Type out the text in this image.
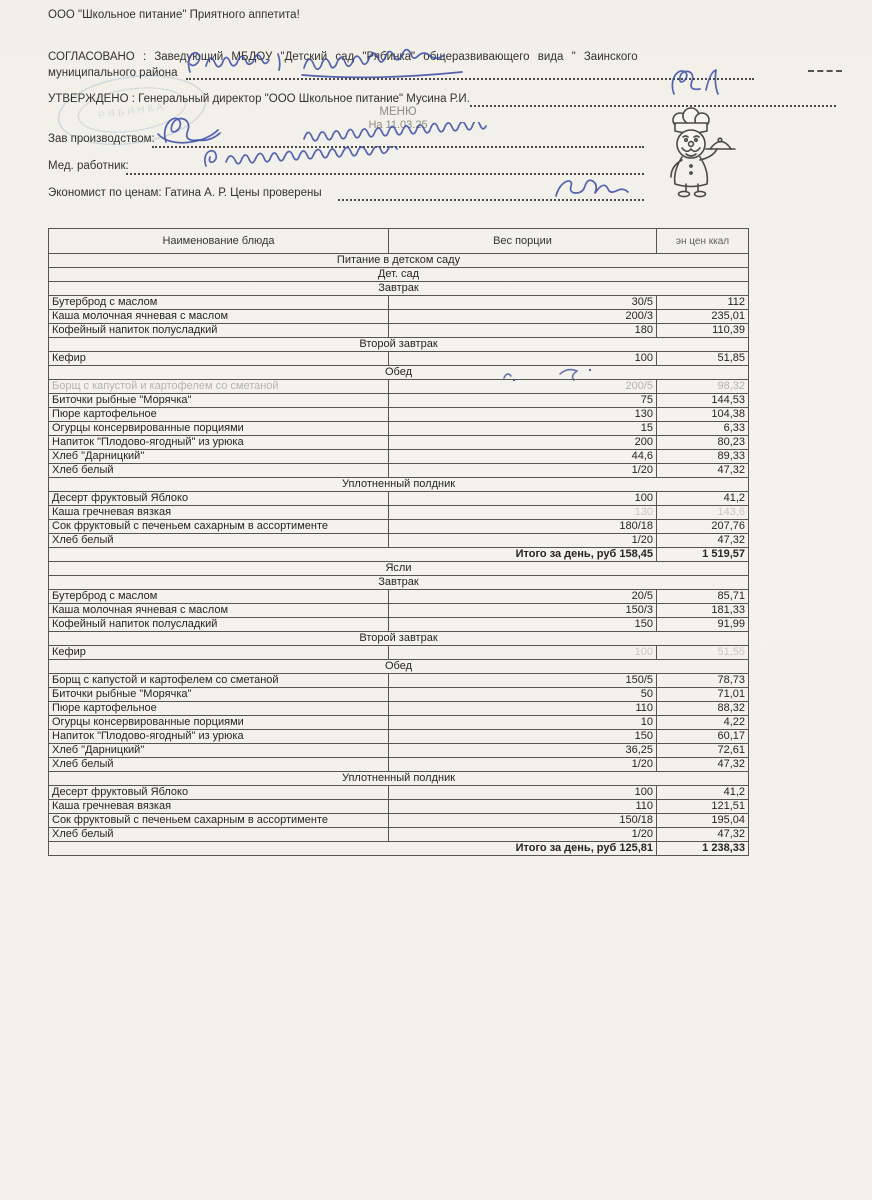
ООО "Школьное питание" Приятного аппетита!
РЯБИНКА
СОГЛАСОВАНО : Заведующий МБДОУ "Детский сад "Рябинка" общеразвивающего вида " Заинского
муниципального района
УТВЕРЖДЕНО : Генеральный директор "ООО Школьное питание" Мусина Р.И.
МЕНЮ
На 11.03.25
Зав производством:
Мед. работник:
Экономист по ценам: Гатина А. Р. Цены проверены
Наименование блюда	Вес порции	эн цен ккал
Питание в детском саду		
Дет. сад		
Завтрак		
Бутерброд с маслом	30/5	112
Каша молочная ячневая с маслом	200/3	235,01
Кофейный напиток полусладкий	180	110,39
Второй завтрак		
Кефир	100	51,85
Обед		
Борщ с капустой и картофелем со сметаной	200/5	98,32
Биточки рыбные "Морячка"	75	144,53
Пюре картофельное	130	104,38
Огурцы консервированные порциями	15	6,33
Напиток "Плодово-ягодный" из урюка	200	80,23
Хлеб "Дарницкий"	44,6	89,33
Хлеб белый	1/20	47,32
Уплотненный полдник		
Десерт фруктовый Яблоко	100	41,2
Каша гречневая вязкая	130	143,6
Сок фруктовый с печеньем сахарным в ассортименте	180/18	207,76
Хлеб белый	1/20	47,32
Итого за день, руб 158,45		1 519,57
Ясли		
Завтрак		
Бутерброд с маслом	20/5	85,71
Каша молочная ячневая с маслом	150/3	181,33
Кофейный напиток полусладкий	150	91,99
Второй завтрак		
Кефир	100	51,55
Обед		
Борщ с капустой и картофелем со сметаной	150/5	78,73
Биточки рыбные "Морячка"	50	71,01
Пюре картофельное	110	88,32
Огурцы консервированные порциями	10	4,22
Напиток "Плодово-ягодный" из урюка	150	60,17
Хлеб "Дарницкий"	36,25	72,61
Хлеб белый	1/20	47,32
Уплотненный полдник		
Десерт фруктовый Яблоко	100	41,2
Каша гречневая вязкая	110	121,51
Сок фруктовый с печеньем сахарным в ассортименте	150/18	195,04
Хлеб белый	1/20	47,32
Итого за день, руб 125,81		1 238,33
